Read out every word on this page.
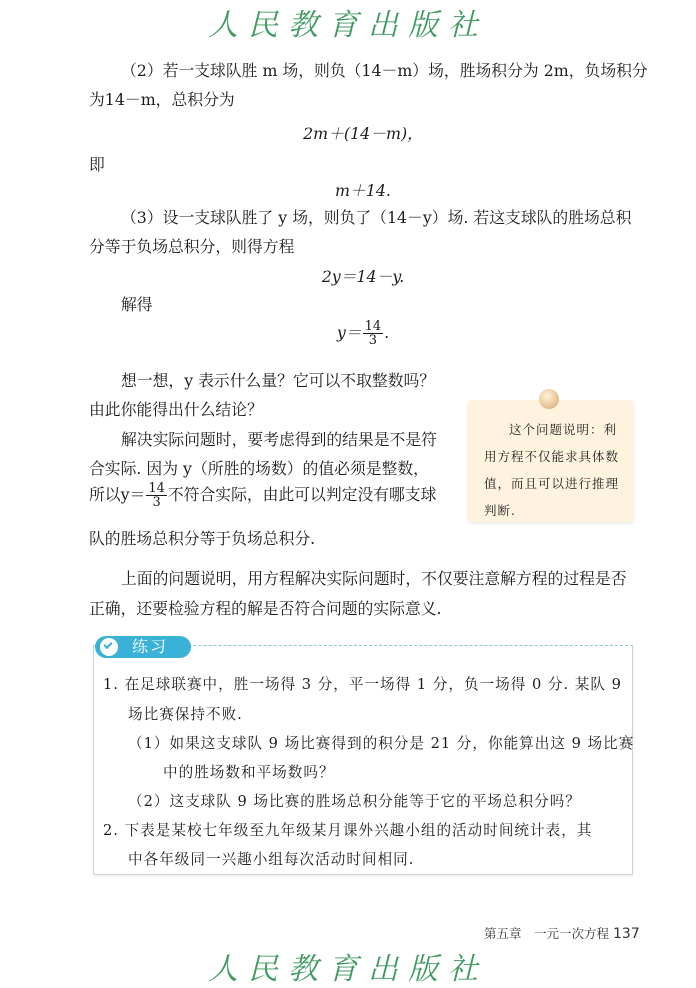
人民教育出版社
（2）若一支球队胜 m 场，则负（14－m）场，胜场积分为 2m，负场积分
为14－m，总积分为
2m＋(14－m)，
即
m＋14.
（3）设一支球队胜了 y 场，则负了（14－y）场. 若这支球队的胜场总积
分等于负场总积分，则得方程
2y＝14－y.
解得
$y= \frac{14}{3}$ .
想一想，y 表示什么量？它可以不取整数吗？
由此你能得出什么结论？
解决实际问题时，要考虑得到的结果是不是符
合实际. 因为 y（所胜的场数）的值必须是整数，
所以$y= \frac{14}{3}$ 不符合实际，由此可以判定没有哪支球
队的胜场总积分等于负场总积分.
这个问题说明：利用方程不仅能求具体数值，而且可以进行推理判断.
上面的问题说明，用方程解决实际问题时，不仅要注意解方程的过程是否
正确，还要检验方程的解是否符合问题的实际意义.
练习
1. 在足球联赛中，胜一场得 3 分，平一场得 1 分，负一场得 0 分. 某队 9
场比赛保持不败.
（1）如果这支球队 9 场比赛得到的积分是 21 分，你能算出这 9 场比赛
中的胜场数和平场数吗？
（2）这支球队 9 场比赛的胜场总积分能等于它的平场总积分吗？
2. 下表是某校七年级至九年级某月课外兴趣小组的活动时间统计表，其
中各年级同一兴趣小组每次活动时间相同.
第五章　一元一次方程 137
人民教育出版社
